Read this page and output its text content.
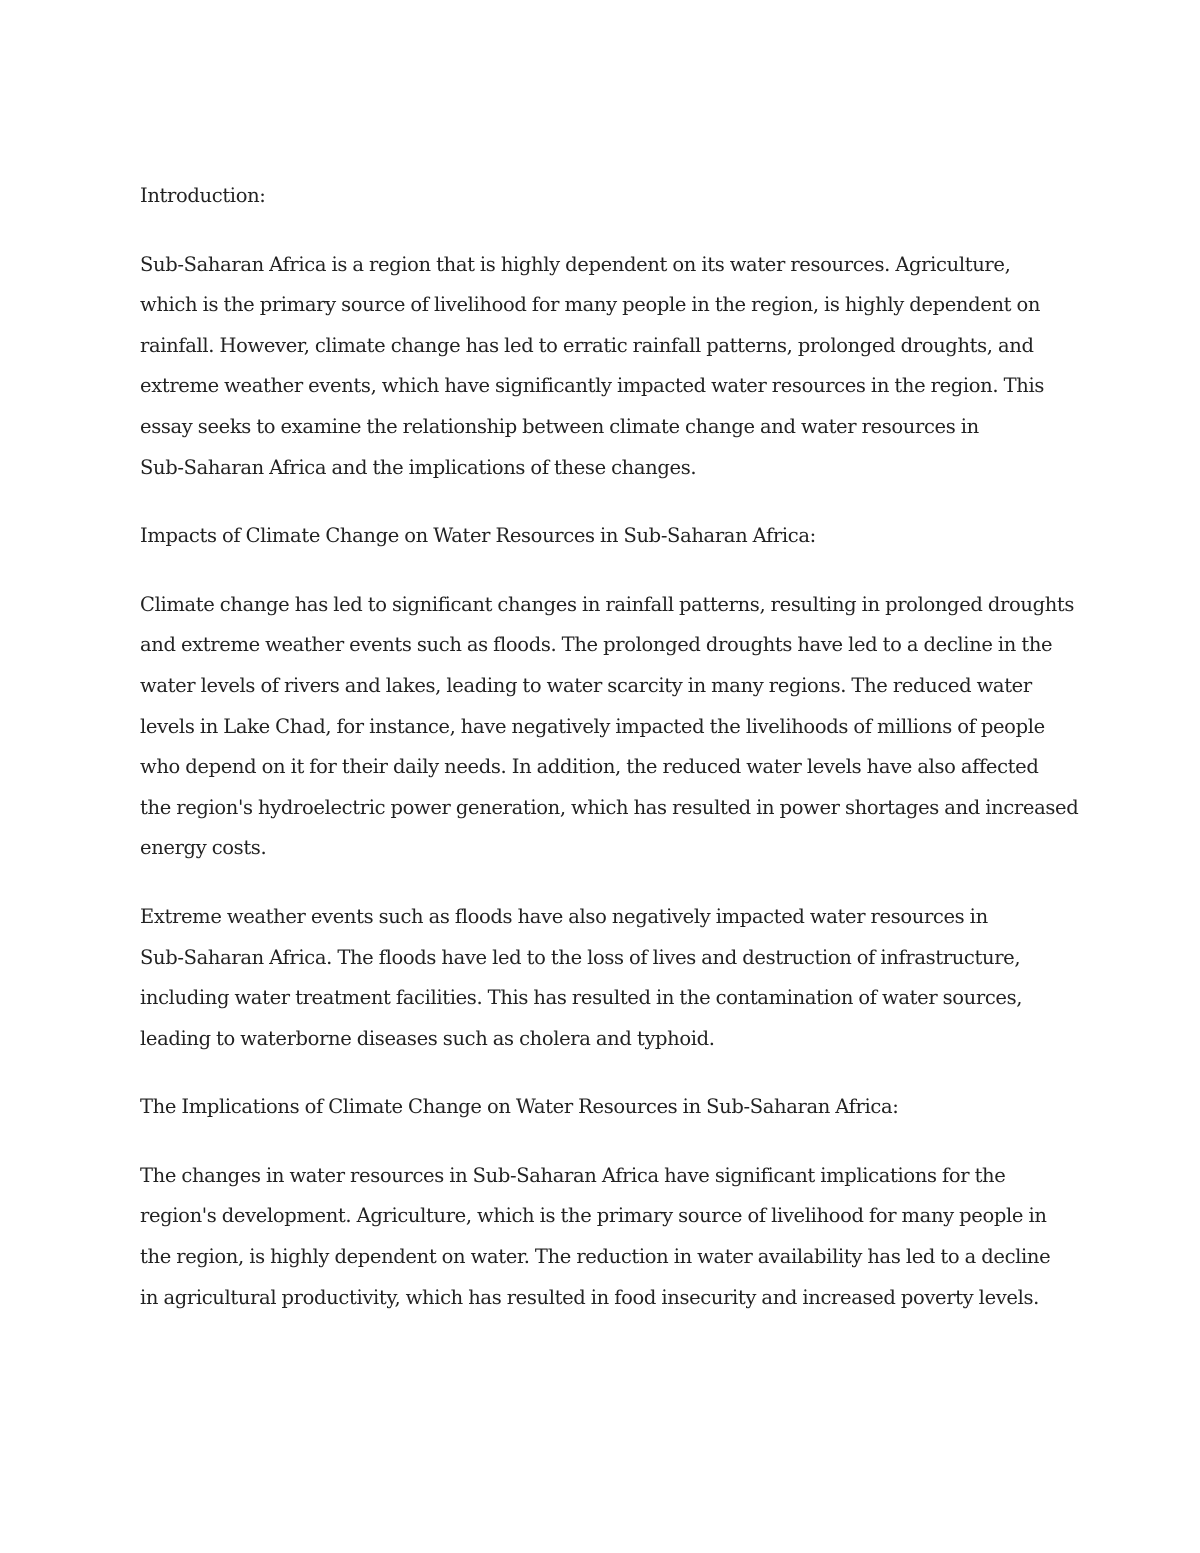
Introduction:

Sub-Saharan Africa is a region that is highly dependent on its water resources. Agriculture,
which is the primary source of livelihood for many people in the region, is highly dependent on
rainfall. However, climate change has led to erratic rainfall patterns, prolonged droughts, and
extreme weather events, which have significantly impacted water resources in the region. This
essay seeks to examine the relationship between climate change and water resources in
Sub-Saharan Africa and the implications of these changes.

Impacts of Climate Change on Water Resources in Sub-Saharan Africa:

Climate change has led to significant changes in rainfall patterns, resulting in prolonged droughts
and extreme weather events such as floods. The prolonged droughts have led to a decline in the
water levels of rivers and lakes, leading to water scarcity in many regions. The reduced water
levels in Lake Chad, for instance, have negatively impacted the livelihoods of millions of people
who depend on it for their daily needs. In addition, the reduced water levels have also affected
the region's hydroelectric power generation, which has resulted in power shortages and increased
energy costs.

Extreme weather events such as floods have also negatively impacted water resources in
Sub-Saharan Africa. The floods have led to the loss of lives and destruction of infrastructure,
including water treatment facilities. This has resulted in the contamination of water sources,
leading to waterborne diseases such as cholera and typhoid.

The Implications of Climate Change on Water Resources in Sub-Saharan Africa:

The changes in water resources in Sub-Saharan Africa have significant implications for the
region's development. Agriculture, which is the primary source of livelihood for many people in
the region, is highly dependent on water. The reduction in water availability has led to a decline
in agricultural productivity, which has resulted in food insecurity and increased poverty levels.
